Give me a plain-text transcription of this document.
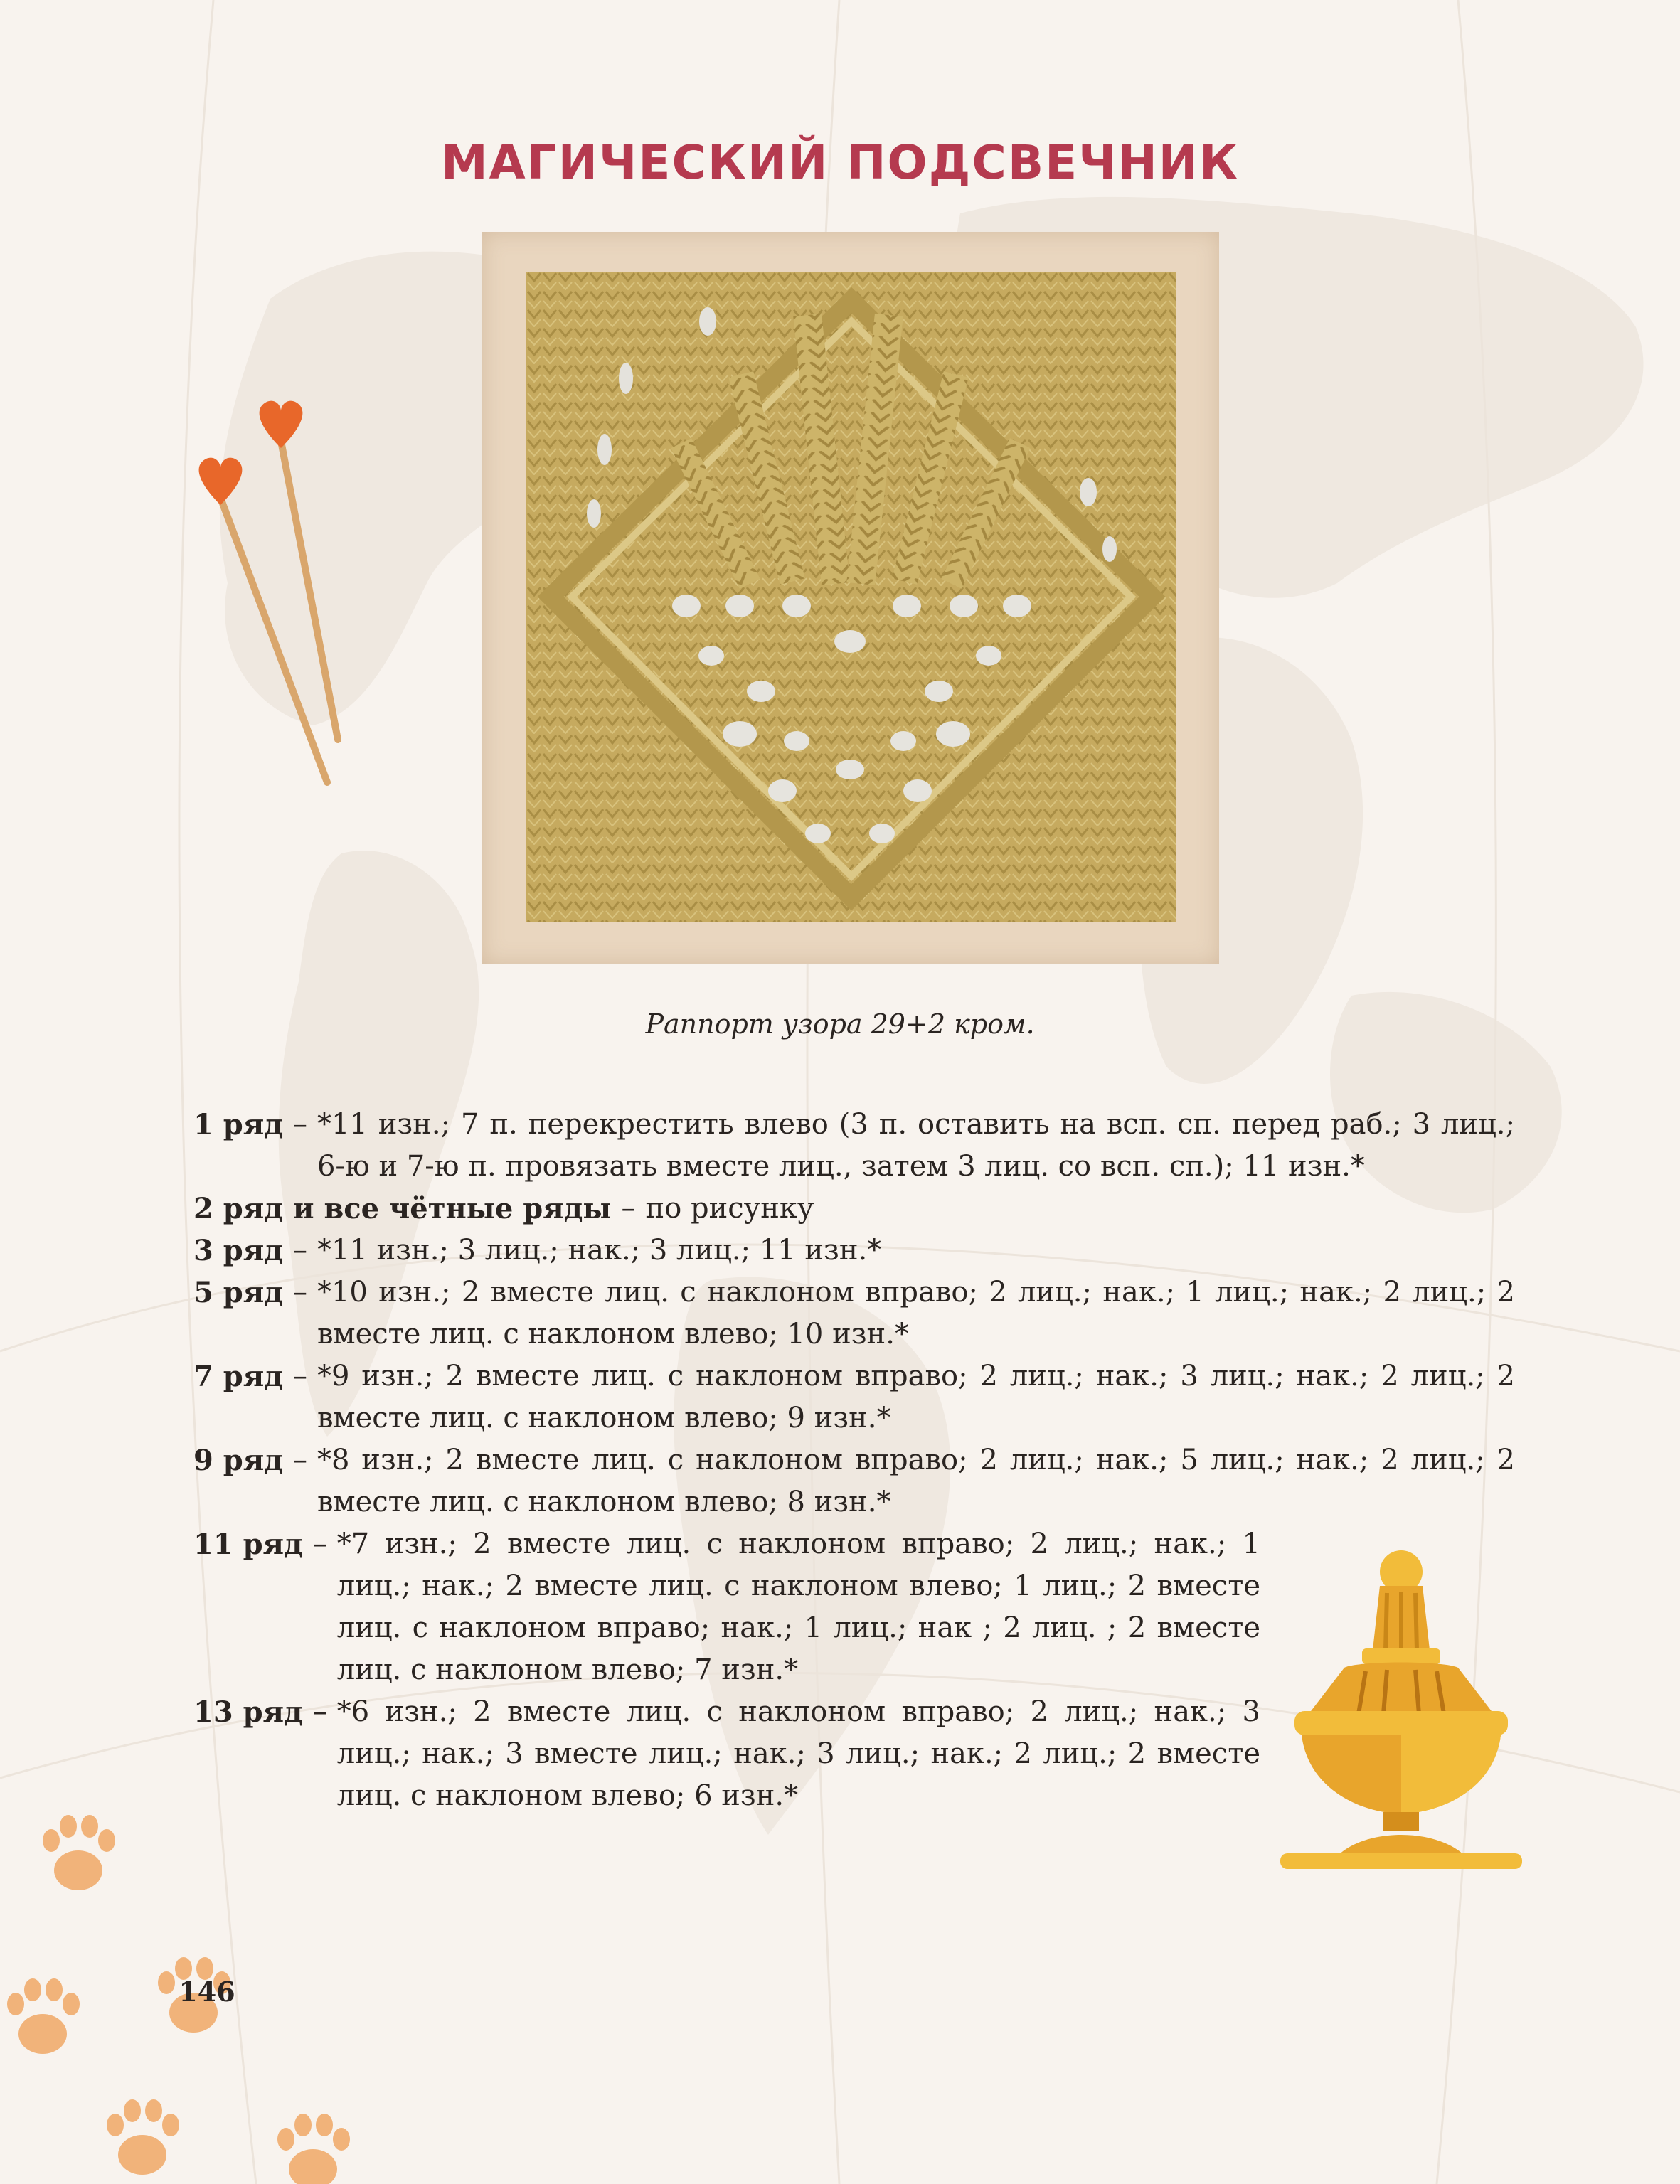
МАГИЧЕСКИЙ ПОДСВЕЧНИК
Раппорт узора 29+2 кром.
1 ряд – *11 изн.; 7 п. перекрестить влево (3 п. оставить на всп. сп. перед раб.; 3 лиц.; 6-ю и 7-ю п. провязать вместе лиц., затем 3 лиц. со всп. сп.); 11 изн.*
2 ряд и все чётные ряды – по рисунку
3 ряд – *11 изн.; 3 лиц.; нак.; 3 лиц.; 11 изн.*
5 ряд – *10 изн.; 2 вместе лиц. с наклоном вправо; 2 лиц.; нак.; 1 лиц.; нак.; 2 лиц.; 2 вместе лиц. с наклоном влево; 10 изн.*
7 ряд – *9 изн.; 2 вместе лиц. с наклоном вправо; 2 лиц.; нак.; 3 лиц.; нак.; 2 лиц.; 2 вместе лиц. с наклоном влево; 9 изн.*
9 ряд – *8 изн.; 2 вместе лиц. с наклоном вправо; 2 лиц.; нак.; 5 лиц.; нак.; 2 лиц.; 2 вместе лиц. с наклоном влево; 8 изн.*
11 ряд – *7 изн.; 2 вместе лиц. с наклоном вправо; 2 лиц.; нак.; 1 лиц.; нак.; 2 вместе лиц. с наклоном влево; 1 лиц.; 2 вместе лиц. с наклоном вправо; нак.; 1 лиц.; нак ; 2 лиц. ; 2 вместе лиц. с наклоном влево; 7 изн.*
13 ряд – *6 изн.; 2 вместе лиц. с наклоном вправо; 2 лиц.; нак.; 3 лиц.; нак.; 3 вместе лиц.; нак.; 3 лиц.; нак.; 2 лиц.; 2 вместе лиц. с наклоном влево; 6 изн.*
146
